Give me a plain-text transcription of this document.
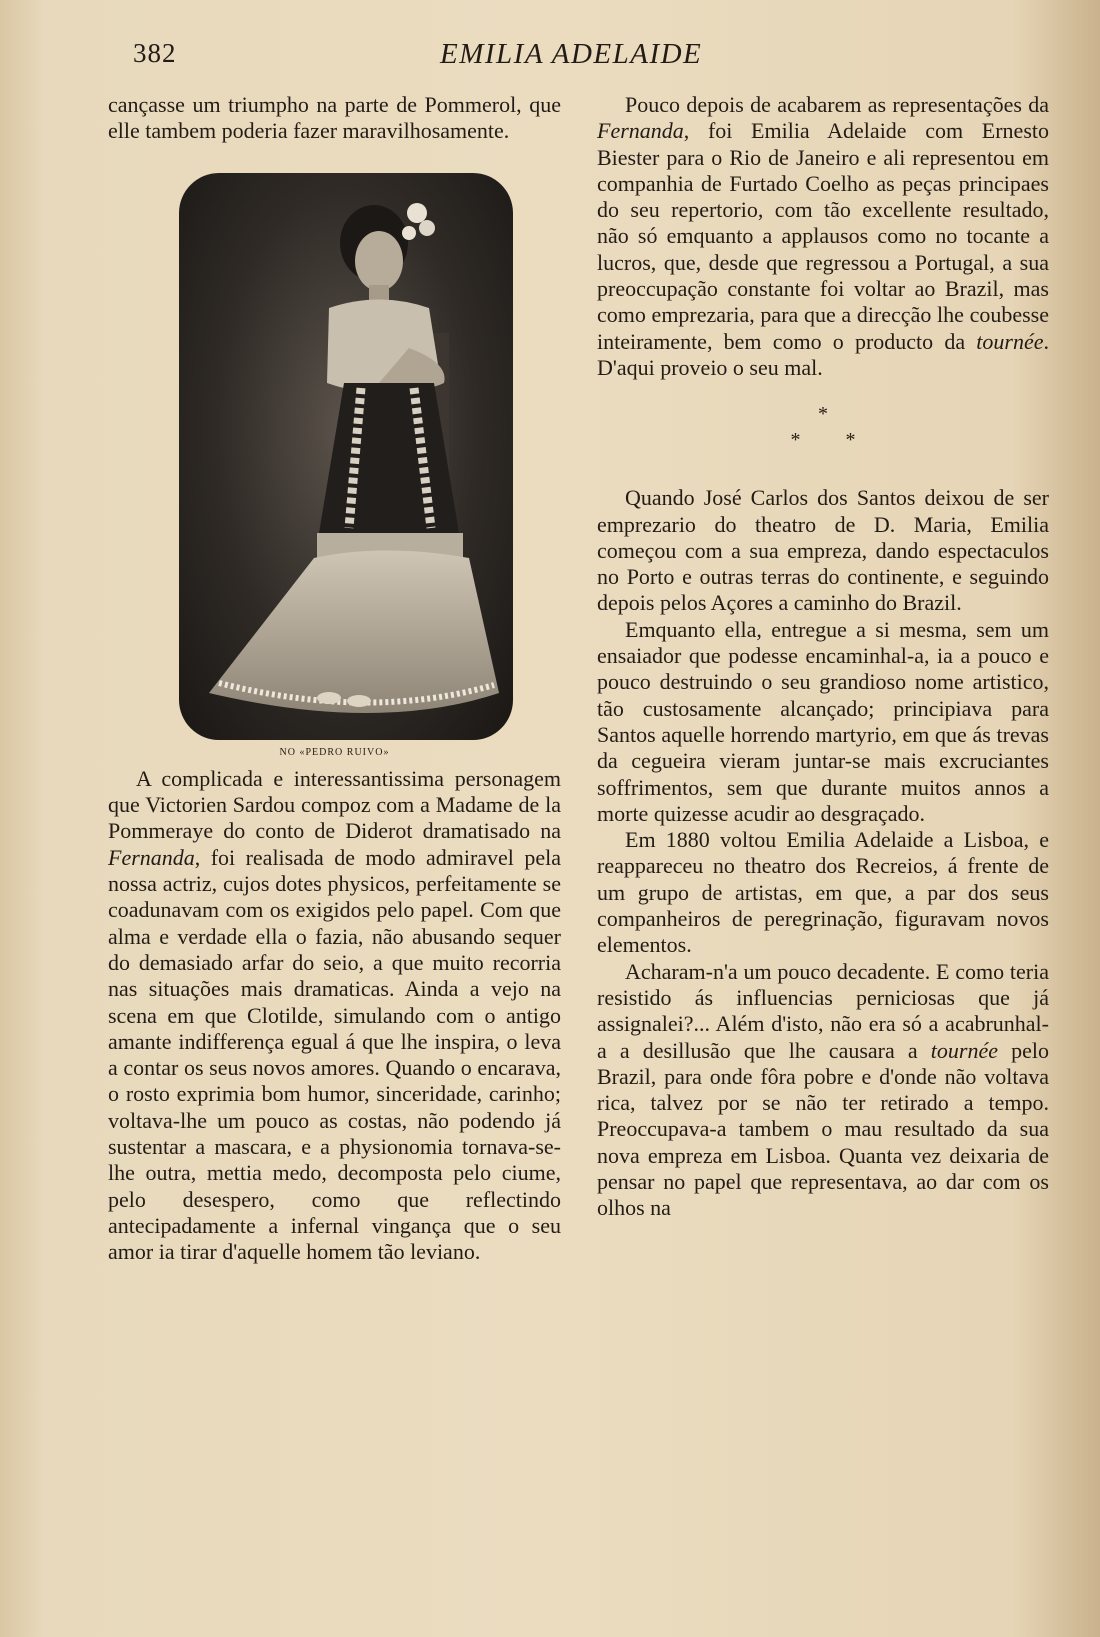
382	EMILIA ADELAIDE

cançasse um triumpho na parte de Pommerol, que elle tambem poderia fazer maravilhosamente.

NO «PEDRO RUIVO»

A complicada e interessantissima personagem que Victorien Sardou compoz com a Madame de la Pommeraye do conto de Diderot dramatisado na Fernanda, foi realisada de modo admiravel pela nossa actriz, cujos dotes physicos, perfeitamente se coadunavam com os exigidos pelo papel. Com que alma e verdade ella o fazia, não abusando sequer do demasiado arfar do seio, a que muito recorria nas situações mais dramaticas. Ainda a vejo na scena em que Clotilde, simulando com o antigo amante indifferença egual á que lhe inspira, o leva a contar os seus novos amores. Quando o encarava, o rosto exprimia bom humor, sinceridade, carinho; voltava-lhe um pouco as costas, não podendo já sustentar a mascara, e a physionomia tornava-se-lhe outra, mettia medo, decomposta pelo ciume, pelo desespero, como que reflectindo antecipadamente a infernal vingança que o seu amor ia tirar d'aquelle homem tão leviano.

Pouco depois de acabarem as representações da Fernanda, foi Emilia Adelaide com Ernesto Biester para o Rio de Janeiro e ali representou em companhia de Furtado Coelho as peças principaes do seu repertorio, com tão excellente resultado, não só emquanto a applausos como no tocante a lucros, que, desde que regressou a Portugal, a sua preoccupação constante foi voltar ao Brazil, mas como emprezaria, para que a direcção lhe coubesse inteiramente, bem como o producto da tournée. D'aqui proveio o seu mal.

*
* *

Quando José Carlos dos Santos deixou de ser emprezario do theatro de D. Maria, Emilia começou com a sua empreza, dando espectaculos no Porto e outras terras do continente, e seguindo depois pelos Açores a caminho do Brazil.

Emquanto ella, entregue a si mesma, sem um ensaiador que podesse encaminhal-a, ia a pouco e pouco destruindo o seu grandioso nome artistico, tão custosamente alcançado; principiava para Santos aquelle horrendo martyrio, em que ás trevas da cegueira vieram juntar-se mais excruciantes soffrimentos, sem que durante muitos annos a morte quizesse acudir ao desgraçado.

Em 1880 voltou Emilia Adelaide a Lisboa, e reappareceu no theatro dos Recreios, á frente de um grupo de artistas, em que, a par dos seus companheiros de peregrinação, figuravam novos elementos.

Acharam-n'a um pouco decadente. E como teria resistido ás influencias perniciosas que já assignalei?... Além d'isto, não era só a acabrunhal-a a desillusão que lhe causara a tournée pelo Brazil, para onde fôra pobre e d'onde não voltava rica, talvez por se não ter retirado a tempo. Preoccupava-a tambem o mau resultado da sua nova empreza em Lisboa. Quanta vez deixaria de pensar no papel que representava, ao dar com os olhos na
